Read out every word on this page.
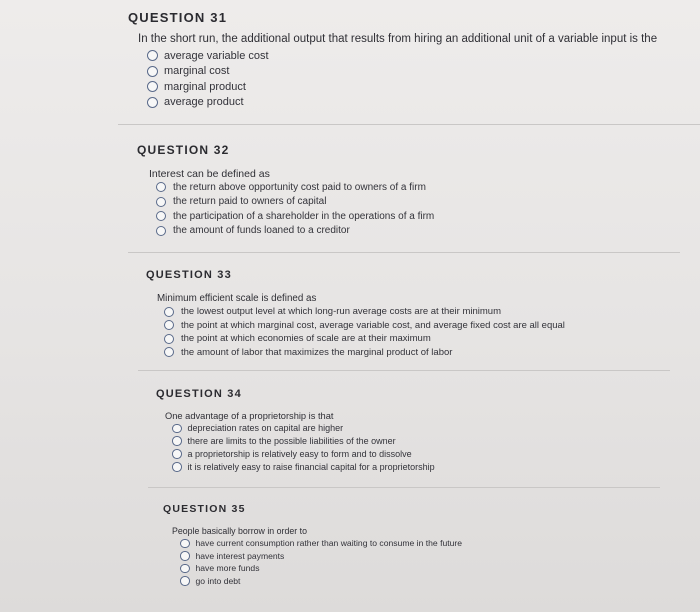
QUESTION 31
In the short run, the additional output that results from hiring an additional unit of a variable input is the
average variable cost
marginal cost
marginal product
average product
QUESTION 32
Interest can be defined as
the return above opportunity cost paid to owners of a firm
the return paid to owners of capital
the participation of a shareholder in the operations of a firm
the amount of funds loaned to a creditor
QUESTION 33
Minimum efficient scale is defined as
the lowest output level at which long-run average costs are at their minimum
the point at which marginal cost, average variable cost, and average fixed cost are all equal
the point at which economies of scale are at their maximum
the amount of labor that maximizes the marginal product of labor
QUESTION 34
One advantage of a proprietorship is that
depreciation rates on capital are higher
there are limits to the possible liabilities of the owner
a proprietorship is relatively easy to form and to dissolve
it is relatively easy to raise financial capital for a proprietorship
QUESTION 35
People basically borrow in order to
have current consumption rather than waiting to consume in the future
have interest payments
have more funds
go into debt
